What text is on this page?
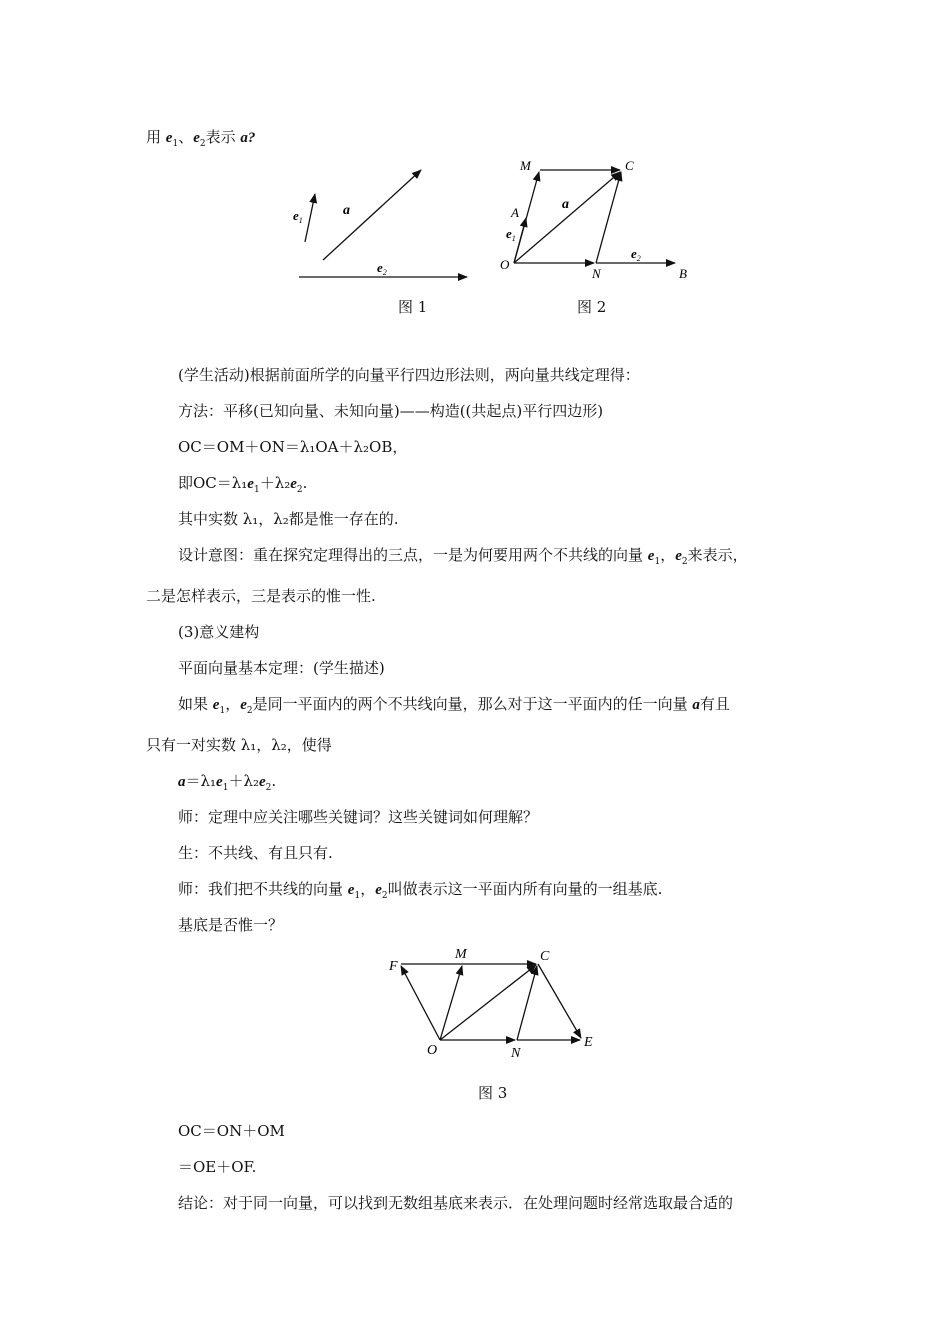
用 $e_1$、$e_2$表示 a?
$e_1$
a
$e_2$
图 1
M	C
A
$e_1$
a
O
N
$e_2$
B
图 2
(学生活动)根据前面所学的向量平行四边形法则，两向量共线定理得：
方法：平移(已知向量、未知向量)——构造((共起点)平行四边形)
OC＝OM＋ON＝λ₁OA＋λ₂OB，
即$OC=\lambda_1e_1+\lambda_2e_2$.
其中实数 λ₁，λ₂都是惟一存在的.
设计意图：重在探究定理得出的三点，一是为何要用两个不共线的向量 $e_1$，$e_2$来表示，
二是怎样表示，三是表示的惟一性.
(3)意义建构
平面向量基本定理：(学生描述)
如果 $e_1$，$e_2$是同一平面内的两个不共线向量，那么对于这一平面内的任一向量 a有且
只有一对实数 λ₁，λ₂，使得
$a=\lambda_1e_1+\lambda_2e_2$.
师：定理中应关注哪些关键词？这些关键词如何理解？
生：不共线、有且只有.
师：我们把不共线的向量 $e_1$，$e_2$叫做表示这一平面内所有向量的一组基底.
基底是否惟一？
F
M	C
O	N
E
图 3
OC＝ON＋OM
＝OE＋OF.
结论：对于同一向量，可以找到无数组基底来表示．在处理问题时经常选取最合适的
